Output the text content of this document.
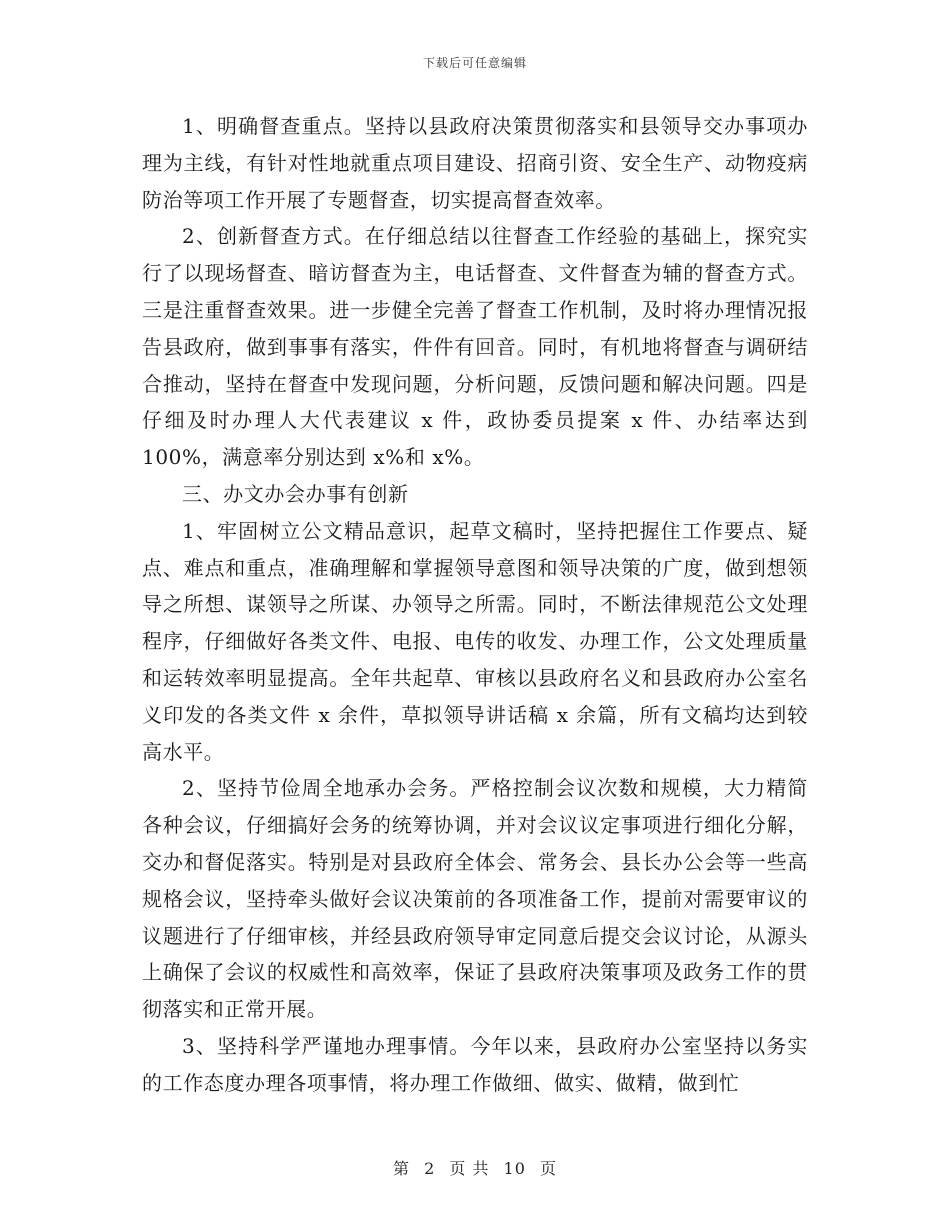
下载后可任意编辑

1、明确督查重点。坚持以县政府决策贯彻落实和县领导交办事项办理为主线，有针对性地就重点项目建设、招商引资、安全生产、动物疫病防治等项工作开展了专题督查，切实提高督查效率。

2、创新督查方式。在仔细总结以往督查工作经验的基础上，探究实行了以现场督查、暗访督查为主，电话督查、文件督查为辅的督查方式。三是注重督查效果。进一步健全完善了督查工作机制，及时将办理情况报告县政府，做到事事有落实，件件有回音。同时，有机地将督查与调研结合推动，坚持在督查中发现问题，分析问题，反馈问题和解决问题。四是仔细及时办理人大代表建议 x 件，政协委员提案 x 件、办结率达到 100%，满意率分别达到 x%和 x%。

三、办文办会办事有创新

1、牢固树立公文精品意识，起草文稿时，坚持把握住工作要点、疑点、难点和重点，准确理解和掌握领导意图和领导决策的广度，做到想领导之所想、谋领导之所谋、办领导之所需。同时，不断法律规范公文处理程序，仔细做好各类文件、电报、电传的收发、办理工作，公文处理质量和运转效率明显提高。全年共起草、审核以县政府名义和县政府办公室名义印发的各类文件 x 余件，草拟领导讲话稿 x 余篇，所有文稿均达到较高水平。

2、坚持节俭周全地承办会务。严格控制会议次数和规模，大力精简各种会议，仔细搞好会务的统筹协调，并对会议议定事项进行细化分解，交办和督促落实。特别是对县政府全体会、常务会、县长办公会等一些高规格会议，坚持牵头做好会议决策前的各项准备工作，提前对需要审议的议题进行了仔细审核，并经县政府领导审定同意后提交会议讨论，从源头上确保了会议的权威性和高效率，保证了县政府决策事项及政务工作的贯彻落实和正常开展。

3、坚持科学严谨地办理事情。今年以来，县政府办公室坚持以务实的工作态度办理各项事情，将办理工作做细、做实、做精，做到忙

第 2 页 共 10 页
